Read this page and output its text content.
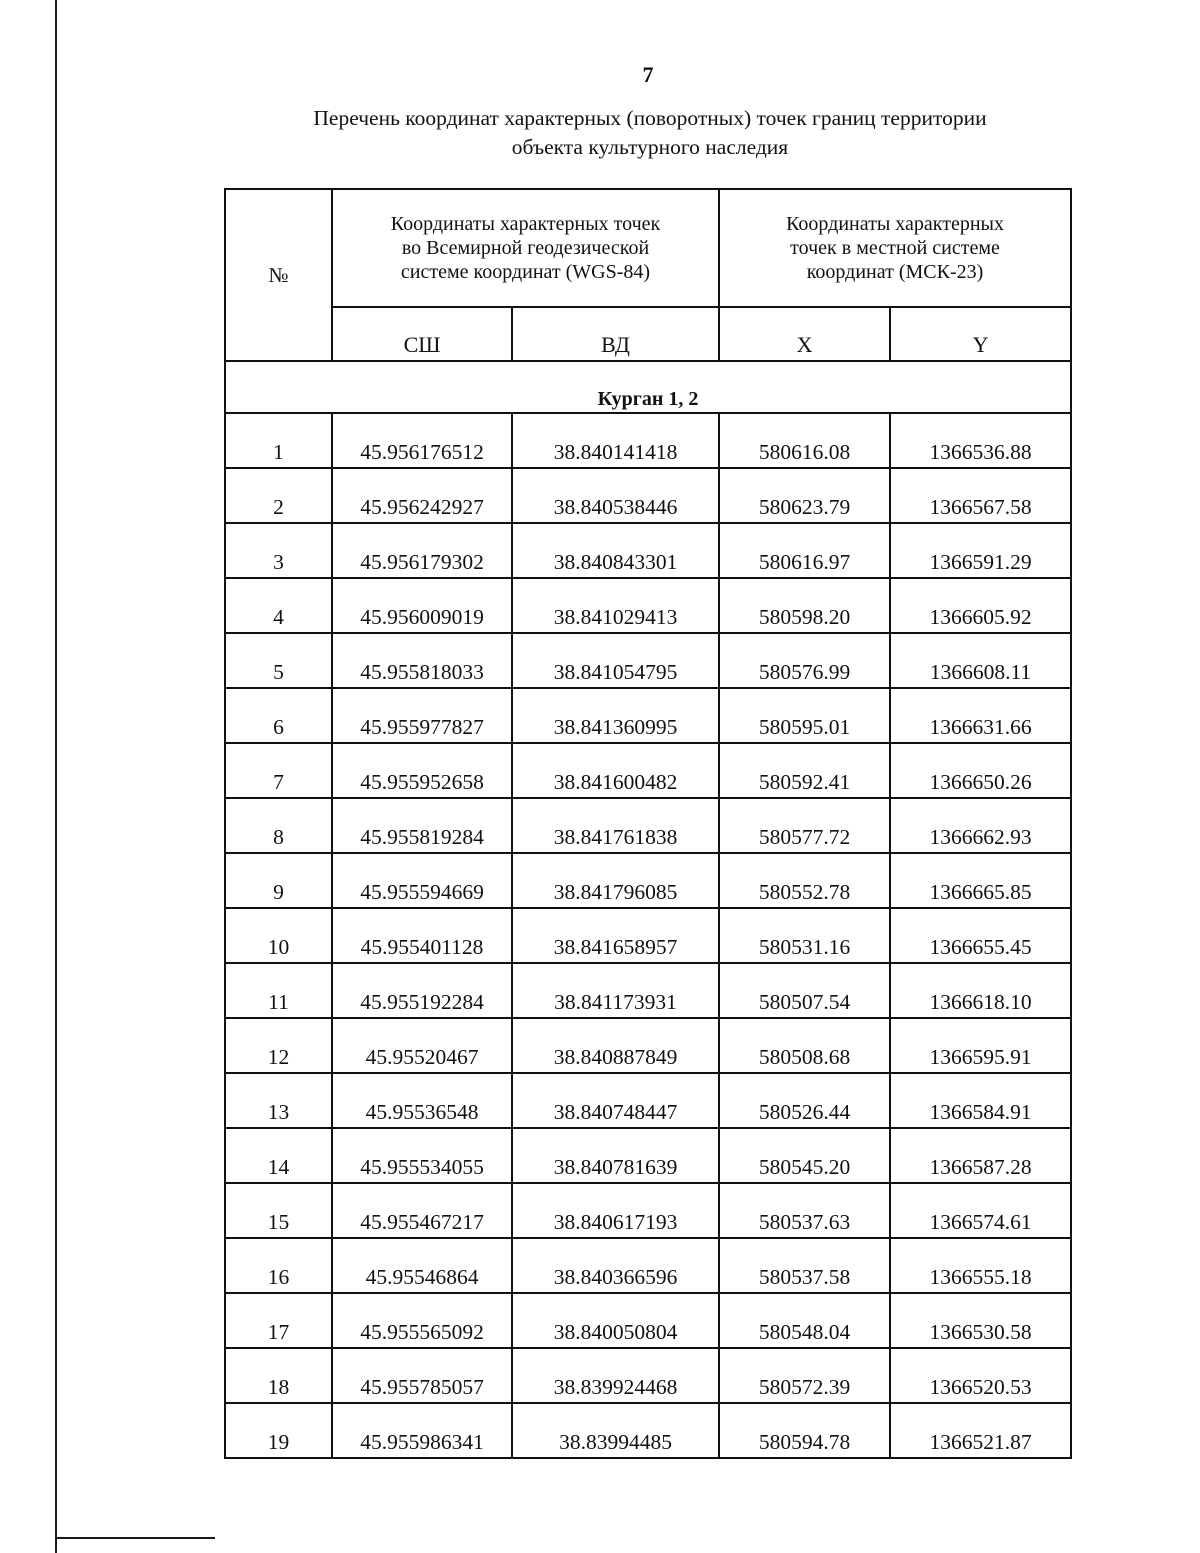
7
Перечень координат характерных (поворотных) точек границ территории
объекта культурного наследия
№	Координаты характерных точек
во Всемирной геодезической
системе координат (WGS-84)		Координаты характерных
точек в местной системе
координат (МСК-23)	

	СШ	ВД	X	Y
Курган 1, 2				
1	45.956176512	38.840141418	580616.08	1366536.88
2	45.956242927	38.840538446	580623.79	1366567.58
3	45.956179302	38.840843301	580616.97	1366591.29
4	45.956009019	38.841029413	580598.20	1366605.92
5	45.955818033	38.841054795	580576.99	1366608.11
6	45.955977827	38.841360995	580595.01	1366631.66
7	45.955952658	38.841600482	580592.41	1366650.26
8	45.955819284	38.841761838	580577.72	1366662.93
9	45.955594669	38.841796085	580552.78	1366665.85
10	45.955401128	38.841658957	580531.16	1366655.45
11	45.955192284	38.841173931	580507.54	1366618.10
12	45.95520467	38.840887849	580508.68	1366595.91
13	45.95536548	38.840748447	580526.44	1366584.91
14	45.955534055	38.840781639	580545.20	1366587.28
15	45.955467217	38.840617193	580537.63	1366574.61
16	45.95546864	38.840366596	580537.58	1366555.18
17	45.955565092	38.840050804	580548.04	1366530.58
18	45.955785057	38.839924468	580572.39	1366520.53
19	45.955986341	38.83994485	580594.78	1366521.87
